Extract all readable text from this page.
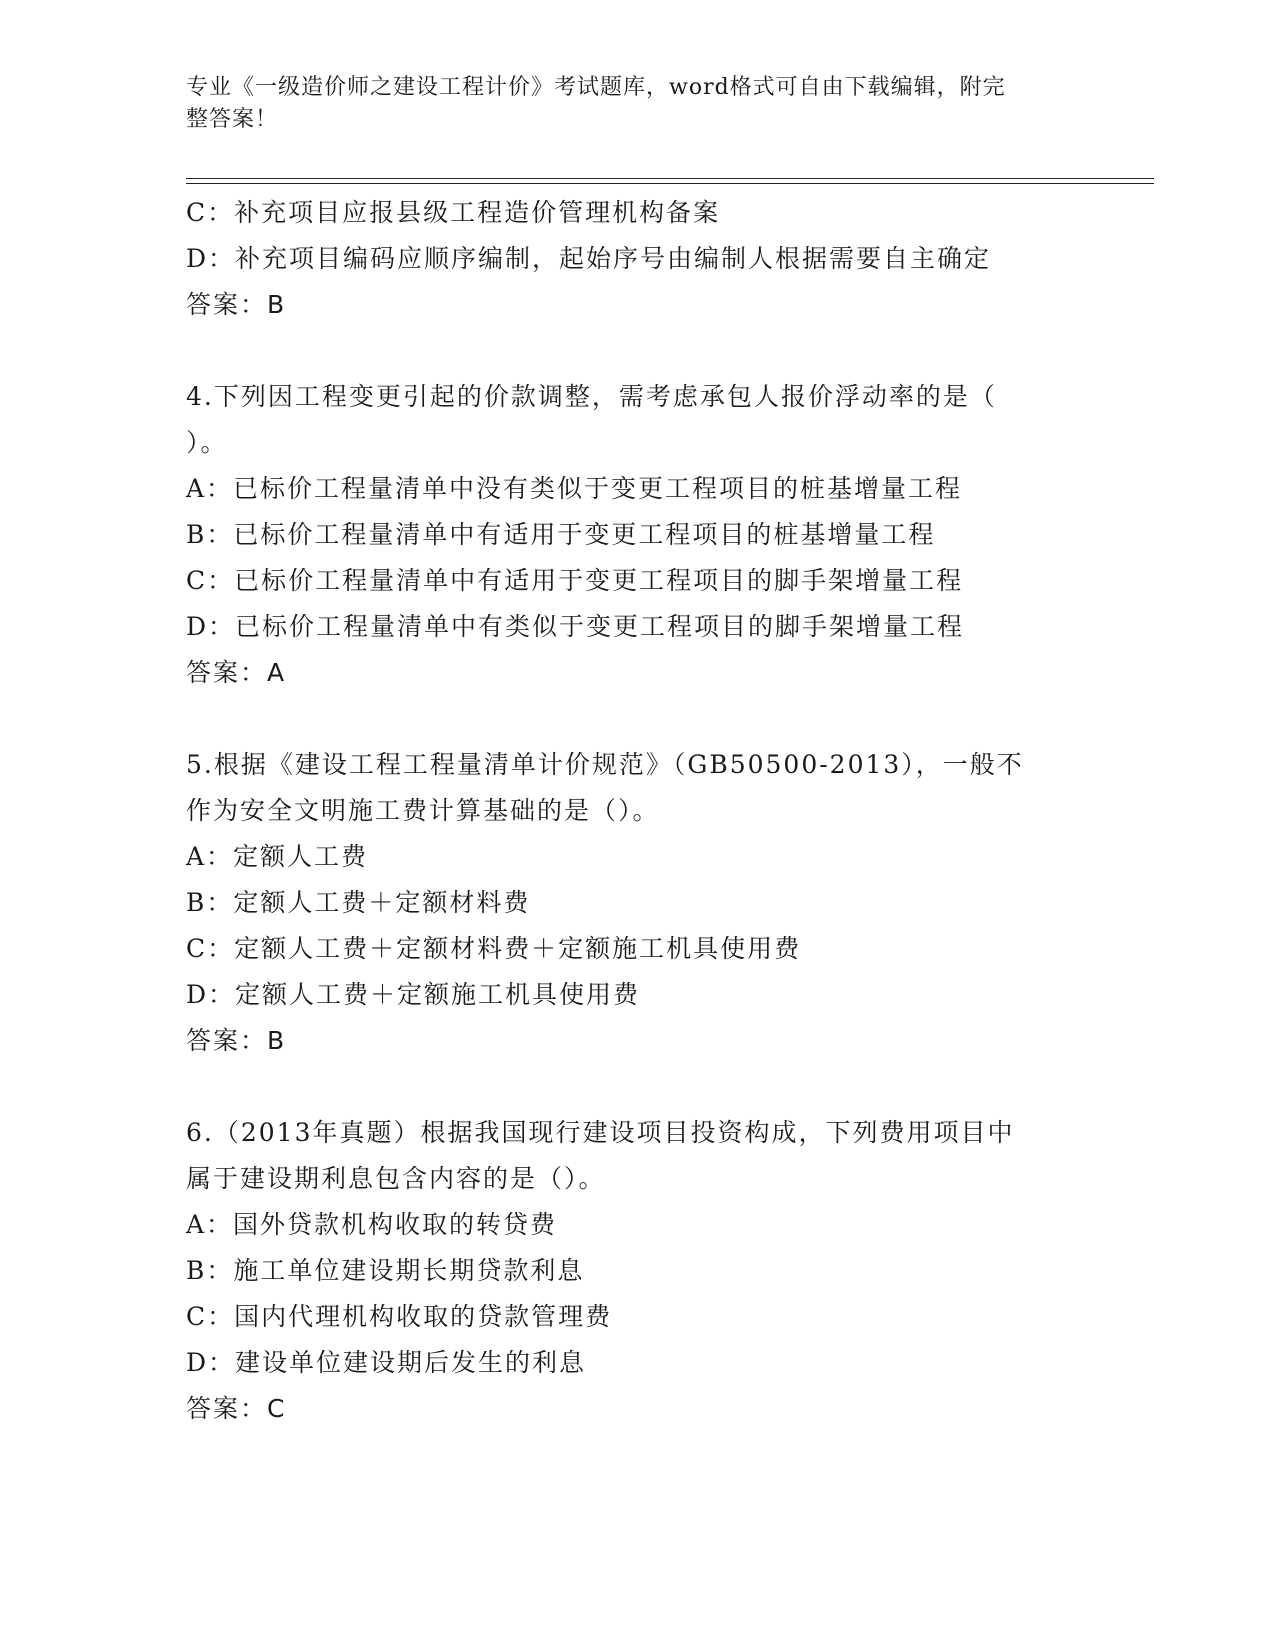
专业《一级造价师之建设工程计价》考试题库，word格式可自由下载编辑，附完
整答案！
C：补充项目应报县级工程造价管理机构备案
D：补充项目编码应顺序编制，起始序号由编制人根据需要自主确定
答案：B
4.下列因工程变更引起的价款调整，需考虑承包人报价浮动率的是（
）。
A：已标价工程量清单中没有类似于变更工程项目的桩基增量工程
B：已标价工程量清单中有适用于变更工程项目的桩基增量工程
C：已标价工程量清单中有适用于变更工程项目的脚手架增量工程
D：已标价工程量清单中有类似于变更工程项目的脚手架增量工程
答案：A
5.根据《建设工程工程量清单计价规范》（GB50500-2013），一般不
作为安全文明施工费计算基础的是（）。
A：定额人工费
B：定额人工费＋定额材料费
C：定额人工费＋定额材料费＋定额施工机具使用费
D：定额人工费＋定额施工机具使用费
答案：B
6.（2013年真题）根据我国现行建设项目投资构成，下列费用项目中
属于建设期利息包含内容的是（）。
A：国外贷款机构收取的转贷费
B：施工单位建设期长期贷款利息
C：国内代理机构收取的贷款管理费
D：建设单位建设期后发生的利息
答案：C
